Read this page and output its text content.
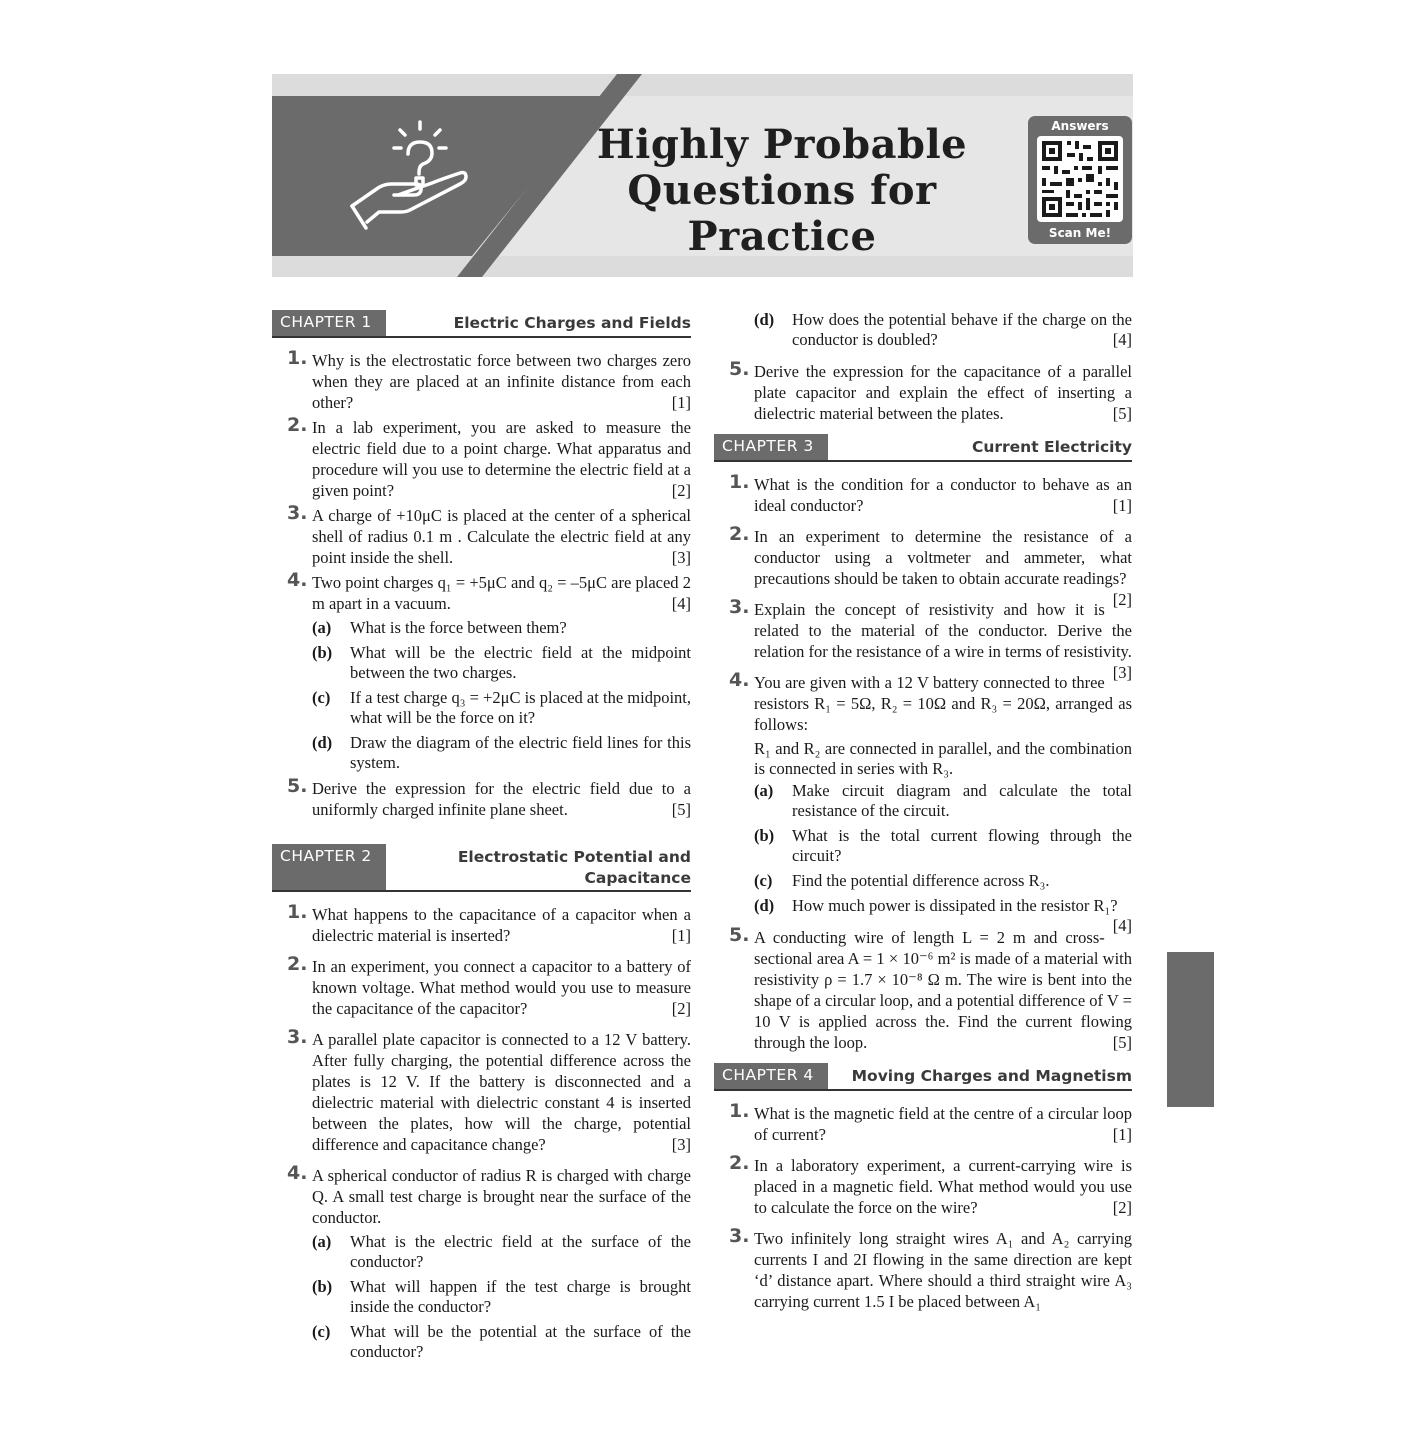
Highly Probable
Questions for Practice
Answers
Scan Me!
CHAPTER 1	Electric Charges and Fields
1. Why is the electrostatic force between two charges zero when they are placed at an infinite distance from each other?	[1]
2. In a lab experiment, you are asked to measure the electric field due to a point charge. What apparatus and procedure will you use to determine the electric field at a given point?	[2]
3. A charge of +10μC is placed at the center of a spherical shell of radius 0.1 m . Calculate the electric field at any point inside the shell.	[3]
4. Two point charges q₁ = +5μC and q₂ = –5μC are placed 2 m apart in a vacuum.	[4]
(a) What is the force between them?
(b) What will be the electric field at the midpoint between the two charges.
(c) If a test charge q₃ = +2μC is placed at the midpoint, what will be the force on it?
(d) Draw the diagram of the electric field lines for this system.
5. Derive the expression for the electric field due to a uniformly charged infinite plane sheet.	[5]
CHAPTER 2	Electrostatic Potential and
Capacitance
1. What happens to the capacitance of a capacitor when a dielectric material is inserted?	[1]
2. In an experiment, you connect a capacitor to a battery of known voltage. What method would you use to measure the capacitance of the capacitor?	[2]
3. A parallel plate capacitor is connected to a 12 V battery. After fully charging, the potential difference across the plates is 12 V. If the battery is disconnected and a dielectric material with dielectric constant 4 is inserted between the plates, how will the charge, potential difference and capacitance change?	[3]
4. A spherical conductor of radius R is charged with charge Q. A small test charge is brought near the surface of the conductor.
(a) What is the electric field at the surface of the conductor?
(b) What will happen if the test charge is brought inside the conductor?
(c) What will be the potential at the surface of the conductor?
(d) How does the potential behave if the charge on the conductor is doubled?	[4]
5. Derive the expression for the capacitance of a parallel plate capacitor and explain the effect of inserting a dielectric material between the plates.	[5]
CHAPTER 3	Current Electricity
1. What is the condition for a conductor to behave as an ideal conductor?	[1]
2. In an experiment to determine the resistance of a conductor using a voltmeter and ammeter, what precautions should be taken to obtain accurate readings?
[2]
3. Explain the concept of resistivity and how it is related to the material of the conductor. Derive the relation for the resistance of a wire in terms of resistivity.
[3]
4. You are given with a 12 V battery connected to three resistors R₁ = 5Ω, R₂ = 10Ω and R₃ = 20Ω, arranged as follows:
R₁ and R₂ are connected in parallel, and the combination is connected in series with R₃.
(a) Make circuit diagram and calculate the total resistance of the circuit.
(b) What is the total current flowing through the circuit?
(c) Find the potential difference across R₃.
(d) How much power is dissipated in the resistor R₁?
[4]
5. A conducting wire of length L = 2 m and cross-sectional area A = 1 × 10⁻⁶ m² is made of a material with resistivity ρ = 1.7 × 10⁻⁸ Ω m. The wire is bent into the shape of a circular loop, and a potential difference of V = 10 V is applied across the. Find the current flowing through the loop.	[5]
CHAPTER 4	Moving Charges and Magnetism
1. What is the magnetic field at the centre of a circular loop of current?	[1]
2. In a laboratory experiment, a current-carrying wire is placed in a magnetic field. What method would you use to calculate the force on the wire?	[2]
3. Two infinitely long straight wires A₁ and A₂ carrying currents I and 2I flowing in the same direction are kept ‘d’ distance apart. Where should a third straight wire A₃ carrying current 1.5 I be placed between A₁
